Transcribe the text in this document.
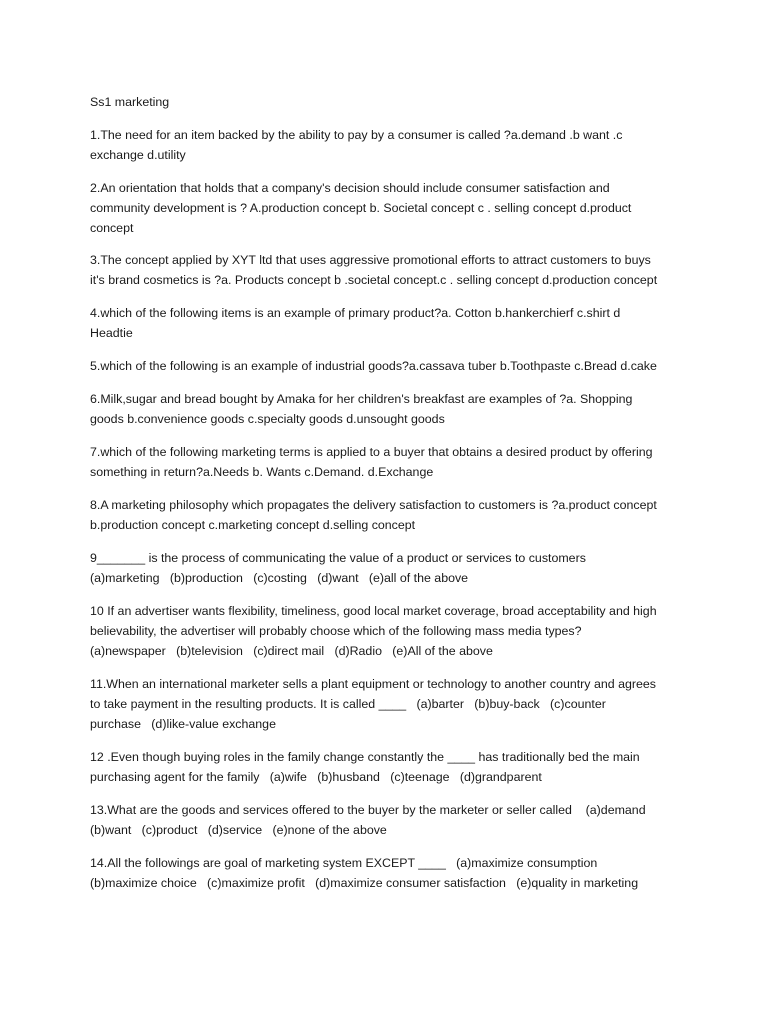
Ss1 marketing
1.The need for an item backed by the ability to pay by a consumer is called ?a.demand .b want .c
exchange d.utility
2.An orientation that holds that a company's decision should include consumer satisfaction and
community development is ? A.production concept b. Societal concept c . selling concept d.product
concept
3.The concept applied by XYT ltd that uses aggressive promotional efforts to attract customers to buys
it's brand cosmetics is ?a. Products concept b .societal concept.c . selling concept d.production concept
4.which of the following items is an example of primary product?a. Cotton b.hankerchierf c.shirt d
Headtie
5.which of the following is an example of industrial goods?a.cassava tuber b.Toothpaste c.Bread d.cake
6.Milk,sugar and bread bought by Amaka for her children's breakfast are examples of ?a. Shopping
goods b.convenience goods c.specialty goods d.unsought goods
7.which of the following marketing terms is applied to a buyer that obtains a desired product by offering
something in return?a.Needs b. Wants c.Demand. d.Exchange
8.A marketing philosophy which propagates the delivery satisfaction to customers is ?a.product concept
b.production concept c.marketing concept d.selling concept
9_______ is the process of communicating the value of a product or services to customers
(a)marketing   (b)production   (c)costing   (d)want   (e)all of the above
10 If an advertiser wants flexibility, timeliness, good local market coverage, broad acceptability and high
believability, the advertiser will probably choose which of the following mass media types?
(a)newspaper   (b)television   (c)direct mail   (d)Radio   (e)All of the above
11.When an international marketer sells a plant equipment or technology to another country and agrees
to take payment in the resulting products. It is called ____   (a)barter   (b)buy-back   (c)counter
purchase   (d)like-value exchange
12 .Even though buying roles in the family change constantly the ____ has traditionally bed the main
purchasing agent for the family   (a)wife   (b)husband   (c)teenage   (d)grandparent
13.What are the goods and services offered to the buyer by the marketer or seller called    (a)demand
(b)want   (c)product   (d)service   (e)none of the above
14.All the followings are goal of marketing system EXCEPT ____   (a)maximize consumption
(b)maximize choice   (c)maximize profit   (d)maximize consumer satisfaction   (e)quality in marketing
